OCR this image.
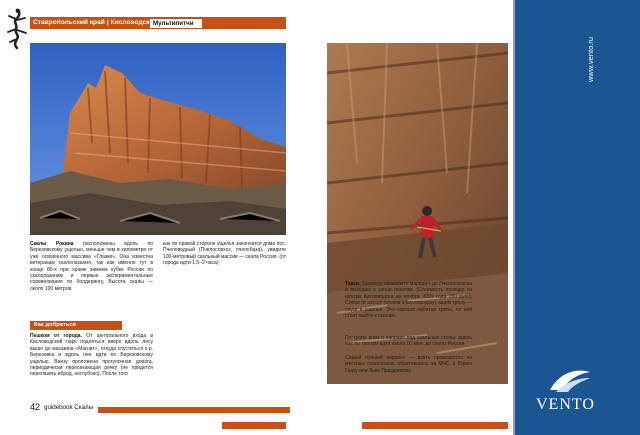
Ставропольский край | Кисловодск Мультипитчи
Скалы Рокина расположены вдоль по Березовскому ущелью, меньше чем в километре от уже освоенного массива «Глазки». Она известна ветеранам скалолазания, так как именно тут в конце 80-х при храме зимнем кубке России по скалолазанию и первые экспериментальные соревнования по болдерингу. Высота скалы — около 100 метров.
Как добраться
Пешком от города. От центрального входа в Кисловодский парк подняться вверх вдоль лесу выше до магазина «Магнит», откуда спуститься к р. Березовка и вдоль нее идти по Березовскому ущелью. Внизу проложена прогулочная дорога, периодически пересекающая речку (не придется перелазить вброд, неглубоко). После того
как по правой стороне ущелья закончатся дома пос. Пчеловодный (Пчелосовхоз, пчелобаза), увидите 100-метровый скальный массив — скала Россия. (от города идти 1,5–2 часа).
Такси. Таксисту называете маршрут до Пчелосовхоза и выходим в конце поселка. (Стоимость проезда из центра Кисловодска на ноябрь 2009 года 150 руб.). Слева от шоссе (стоков к Кисловодску) ищем тропу — спуск в ущелье. Это хорошо набитая тропа, по ней стоит выйти к скалам.
По тропе вниз и направо под скальные стены, вдоль них по тропам идти около 10 мин. до скалы Россия.
Самый лучший вариант — взять провожатого из местных скалолазов, обратившись на МЧС, к Юрию Гаазу или Льву Праздникову.
42 guidebook Скалы
www.vento.ru
VENTO
